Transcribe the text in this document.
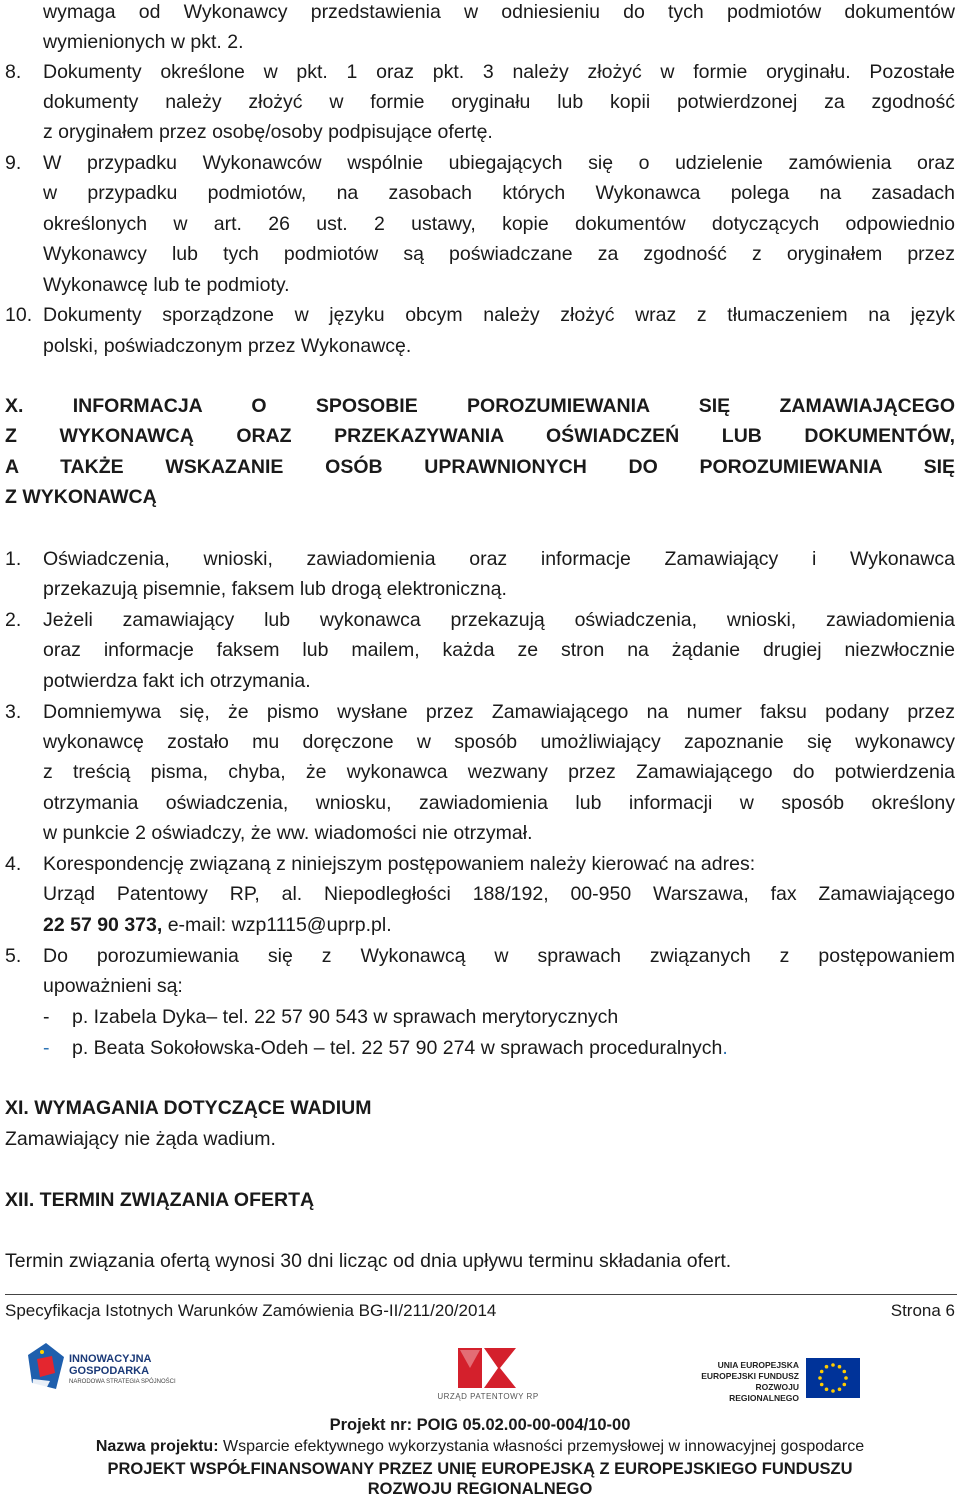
wymaga od Wykonawcy przedstawienia w odniesieniu do tych podmiotów dokumentów
wymienionych w pkt. 2.
8. Dokumenty określone w pkt. 1 oraz pkt. 3 należy złożyć w formie oryginału. Pozostałe
dokumenty należy złożyć w formie oryginału lub kopii potwierdzonej za zgodność
z oryginałem przez osobę/osoby podpisujące ofertę.
9. W przypadku Wykonawców wspólnie ubiegających się o udzielenie zamówienia oraz
w przypadku podmiotów, na zasobach których Wykonawca polega na zasadach
określonych w art. 26 ust. 2 ustawy, kopie dokumentów dotyczących odpowiednio
Wykonawcy lub tych podmiotów są poświadczane za zgodność z oryginałem przez
Wykonawcę lub te podmioty.
10. Dokumenty sporządzone w języku obcym należy złożyć wraz z tłumaczeniem na język
polski, poświadczonym przez Wykonawcę.
X. INFORMACJA O SPOSOBIE POROZUMIEWANIA SIĘ ZAMAWIAJĄCEGO
Z WYKONAWCĄ ORAZ PRZEKAZYWANIA OŚWIADCZEŃ LUB DOKUMENTÓW,
A TAKŻE WSKAZANIE OSÓB UPRAWNIONYCH DO POROZUMIEWANIA SIĘ
Z WYKONAWCĄ
1. Oświadczenia, wnioski, zawiadomienia oraz informacje Zamawiający i Wykonawca
przekazują pisemnie, faksem lub drogą elektroniczną.
2. Jeżeli zamawiający lub wykonawca przekazują oświadczenia, wnioski, zawiadomienia
oraz informacje faksem lub mailem, każda ze stron na żądanie drugiej niezwłocznie
potwierdza fakt ich otrzymania.
3. Domniemywa się, że pismo wysłane przez Zamawiającego na numer faksu podany przez
wykonawcę zostało mu doręczone w sposób umożliwiający zapoznanie się wykonawcy
z treścią pisma, chyba, że wykonawca wezwany przez Zamawiającego do potwierdzenia
otrzymania oświadczenia, wniosku, zawiadomienia lub informacji w sposób określony
w punkcie 2 oświadczy, że ww. wiadomości nie otrzymał.
4. Korespondencję związaną z niniejszym postępowaniem należy kierować na adres:
Urząd Patentowy RP, al. Niepodległości 188/192, 00-950 Warszawa, fax Zamawiającego
22 57 90 373, e-mail: wzp1115@uprp.pl.
5. Do porozumiewania się z Wykonawcą w sprawach związanych z postępowaniem
upoważnieni są:
- p. Izabela Dyka– tel. 22 57 90 543 w sprawach merytorycznych
- p. Beata Sokołowska-Odeh – tel. 22 57 90 274 w sprawach proceduralnych.
XI. WYMAGANIA DOTYCZĄCE WADIUM
Zamawiający nie żąda wadium.
XII. TERMIN ZWIĄZANIA OFERTĄ
Termin związania ofertą wynosi 30 dni licząc od dnia upływu terminu składania ofert.
Specyfikacja Istotnych Warunków Zamówienia BG-II/211/20/2014	Strona 6
INNOWACYJNA
GOSPODARKA
NARODOWA STRATEGIA SPÓJNOŚCI
URZĄD PATENTOWY RP
UNIA EUROPEJSKA
EUROPEJSKI FUNDUSZ
ROZWOJU REGIONALNEGO
Projekt nr: POIG 05.02.00-00-004/10-00
Nazwa projektu: Wsparcie efektywnego wykorzystania własności przemysłowej w innowacyjnej gospodarce
PROJEKT WSPÓŁFINANSOWANY PRZEZ UNIĘ EUROPEJSKĄ Z EUROPEJSKIEGO FUNDUSZU
ROZWOJU REGIONALNEGO
